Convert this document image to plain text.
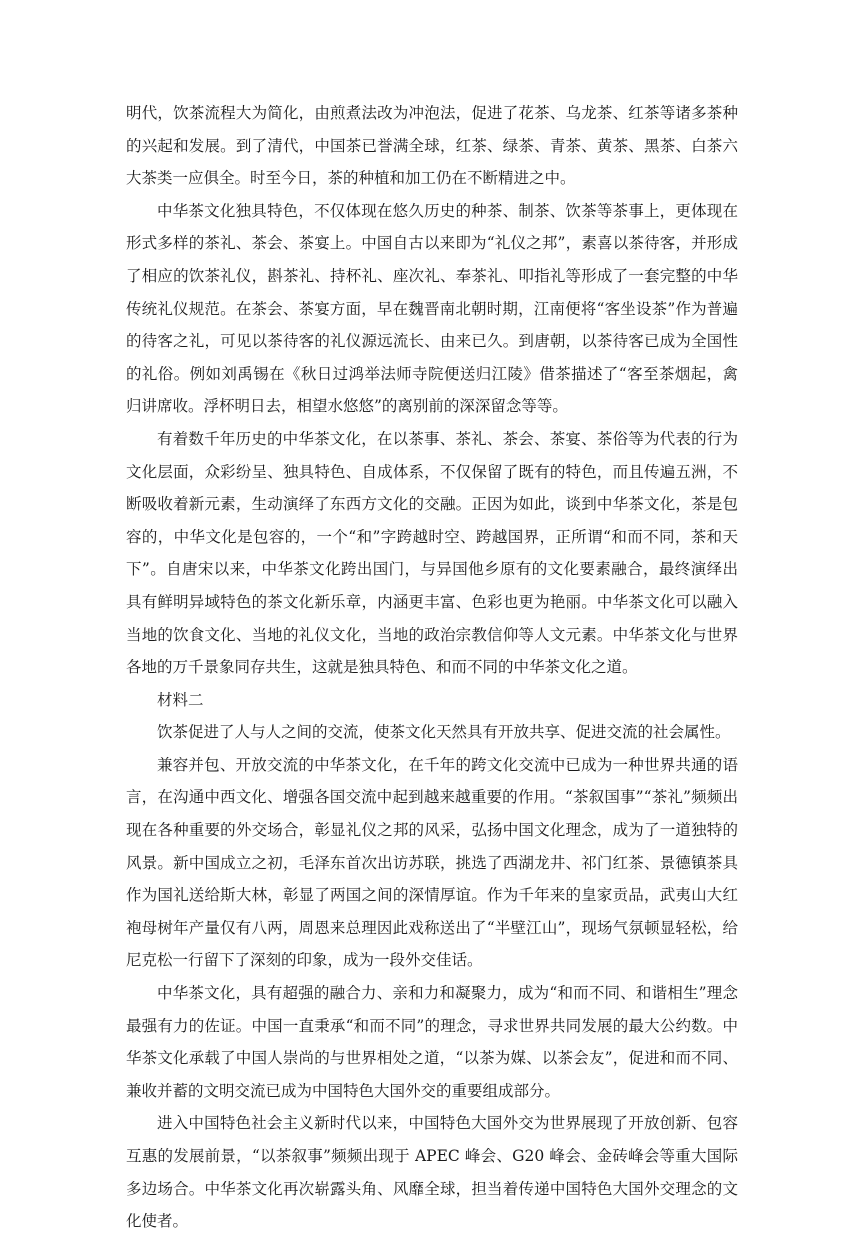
明代，饮茶流程大为简化，由煎煮法改为冲泡法，促进了花茶、乌龙茶、红茶等诸多茶种的兴起和发展。到了清代，中国茶已誉满全球，红茶、绿茶、青茶、黄茶、黑茶、白茶六大茶类一应俱全。时至今日，茶的种植和加工仍在不断精进之中。

中华茶文化独具特色，不仅体现在悠久历史的种茶、制茶、饮茶等茶事上，更体现在形式多样的茶礼、茶会、茶宴上。中国自古以来即为“礼仪之邦”，素喜以茶待客，并形成了相应的饮茶礼仪，斟茶礼、持杯礼、座次礼、奉茶礼、叩指礼等形成了一套完整的中华传统礼仪规范。在茶会、茶宴方面，早在魏晋南北朝时期，江南便将“客坐设茶”作为普遍的待客之礼，可见以茶待客的礼仪源远流长、由来已久。到唐朝，以茶待客已成为全国性的礼俗。例如刘禹锡在《秋日过鸿举法师寺院便送归江陵》借茶描述了“客至茶烟起，禽归讲席收。浮杯明日去，相望水悠悠”的离别前的深深留念等等。

有着数千年历史的中华茶文化，在以茶事、茶礼、茶会、茶宴、茶俗等为代表的行为文化层面，众彩纷呈、独具特色、自成体系，不仅保留了既有的特色，而且传遍五洲，不断吸收着新元素，生动演绎了东西方文化的交融。正因为如此，谈到中华茶文化，茶是包容的，中华文化是包容的，一个“和”字跨越时空、跨越国界，正所谓“和而不同，茶和天下”。自唐宋以来，中华茶文化跨出国门，与异国他乡原有的文化要素融合，最终演绎出具有鲜明异域特色的茶文化新乐章，内涵更丰富、色彩也更为艳丽。中华茶文化可以融入当地的饮食文化、当地的礼仪文化，当地的政治宗教信仰等人文元素。中华茶文化与世界各地的万千景象同存共生，这就是独具特色、和而不同的中华茶文化之道。

材料二

饮茶促进了人与人之间的交流，使茶文化天然具有开放共享、促进交流的社会属性。

兼容并包、开放交流的中华茶文化，在千年的跨文化交流中已成为一种世界共通的语言，在沟通中西文化、增强各国交流中起到越来越重要的作用。“茶叙国事”“茶礼”频频出现在各种重要的外交场合，彰显礼仪之邦的风采，弘扬中国文化理念，成为了一道独特的风景。新中国成立之初，毛泽东首次出访苏联，挑选了西湖龙井、祁门红茶、景德镇茶具作为国礼送给斯大林，彰显了两国之间的深情厚谊。作为千年来的皇家贡品，武夷山大红袍母树年产量仅有八两，周恩来总理因此戏称送出了“半壁江山”，现场气氛顿显轻松，给尼克松一行留下了深刻的印象，成为一段外交佳话。

中华茶文化，具有超强的融合力、亲和力和凝聚力，成为“和而不同、和谐相生”理念最强有力的佐证。中国一直秉承“和而不同”的理念，寻求世界共同发展的最大公约数。中华茶文化承载了中国人崇尚的与世界相处之道，“以茶为媒、以茶会友”，促进和而不同、兼收并蓄的文明交流已成为中国特色大国外交的重要组成部分。

进入中国特色社会主义新时代以来，中国特色大国外交为世界展现了开放创新、包容互惠的发展前景，“以茶叙事”频频出现于 APEC 峰会、G20 峰会、金砖峰会等重大国际多边场合。中华茶文化再次崭露头角、风靡全球，担当着传递中国特色大国外交理念的文化使者。
